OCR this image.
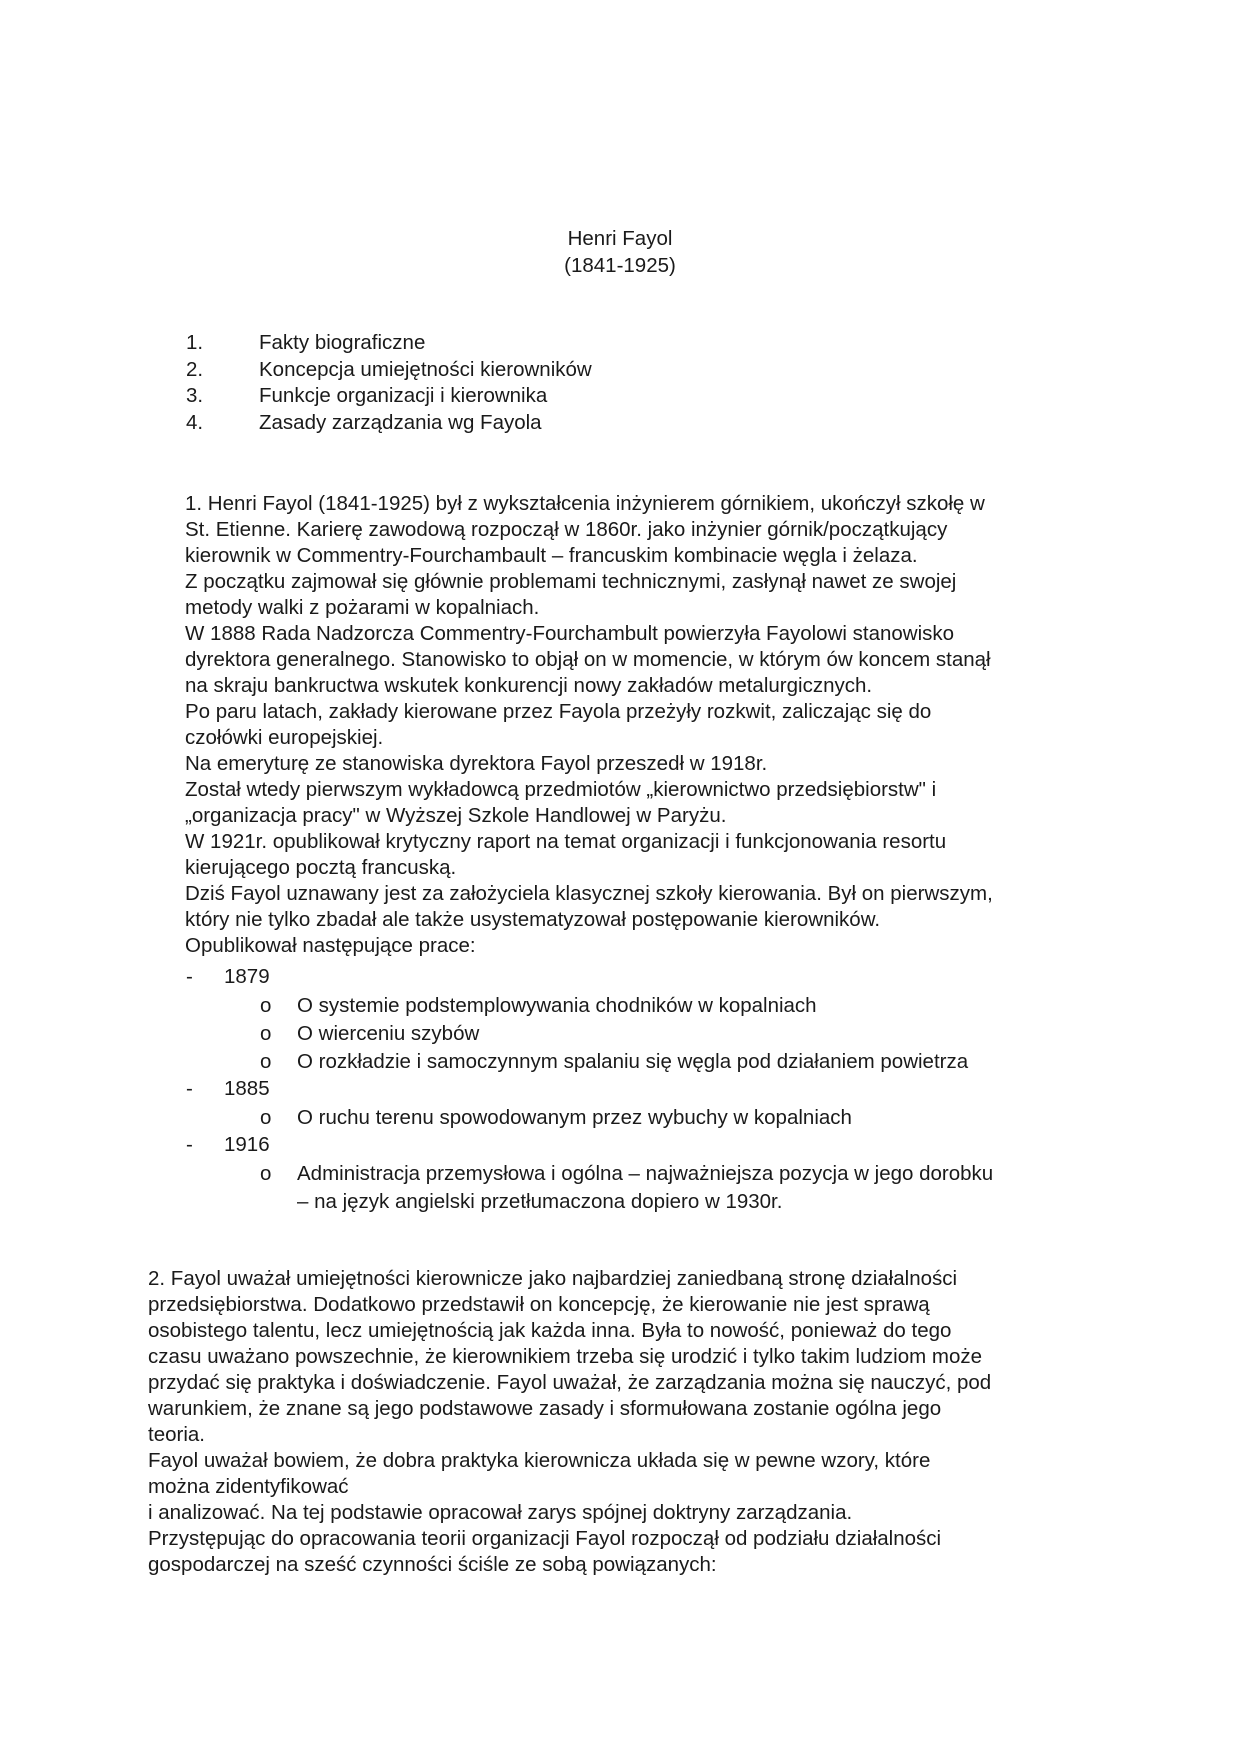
Henri Fayol
(1841-1925)
1.	Fakty biograficzne
2.	Koncepcja umiejętności kierowników
3.	Funkcje organizacji i kierownika
4.	Zasady zarządzania wg Fayola

1. Henri Fayol (1841-1925) był z wykształcenia inżynierem górnikiem, ukończył szkołę w

St. Etienne. Karierę zawodową rozpoczął w 1860r. jako inżynier górnik/początkujący

kierownik w Commentry-Fourchambault – francuskim kombinacie węgla i żelaza.

Z początku zajmował się głównie problemami technicznymi, zasłynął nawet ze swojej

metody walki z pożarami w kopalniach.

W 1888 Rada Nadzorcza Commentry-Fourchambult powierzyła Fayolowi stanowisko

dyrektora generalnego. Stanowisko to objął on w momencie, w którym ów koncem stanął

na skraju bankructwa wskutek konkurencji nowy zakładów metalurgicznych.

Po paru latach, zakłady kierowane przez Fayola przeżyły rozkwit, zaliczając się do

czołówki europejskiej.

Na emeryturę ze stanowiska dyrektora Fayol przeszedł w 1918r.

Został wtedy pierwszym wykładowcą przedmiotów „kierownictwo przedsiębiorstw" i

„organizacja pracy" w Wyższej Szkole Handlowej w Paryżu.

W 1921r. opublikował krytyczny raport na temat organizacji i funkcjonowania resortu

kierującego pocztą francuską.

Dziś Fayol uznawany jest za założyciela klasycznej szkoły kierowania. Był on pierwszym,

który nie tylko zbadał ale także usystematyzował postępowanie kierowników.

Opublikował następujące prace:

- 1879
o O systemie podstemplowywania chodników w kopalniach
o O wierceniu szybów
o O rozkładzie i samoczynnym spalaniu się węgla pod działaniem powietrza
- 1885
o O ruchu terenu spowodowanym przez wybuchy w kopalniach
- 1916
o Administracja przemysłowa i ogólna – najważniejsza pozycja w jego dorobku
– na język angielski przetłumaczona dopiero w 1930r.

2. Fayol uważał umiejętności kierownicze jako najbardziej zaniedbaną stronę działalności

przedsiębiorstwa. Dodatkowo przedstawił on koncepcję, że kierowanie nie jest sprawą

osobistego talentu, lecz umiejętnością jak każda inna. Była to nowość, ponieważ do tego

czasu uważano powszechnie, że kierownikiem trzeba się urodzić i tylko takim ludziom może

przydać się praktyka i doświadczenie. Fayol uważał, że zarządzania można się nauczyć, pod

warunkiem, że znane są jego podstawowe zasady i sformułowana zostanie ogólna jego

teoria.

Fayol uważał bowiem, że dobra praktyka kierownicza układa się w pewne wzory, które

można zidentyfikować

i analizować. Na tej podstawie opracował zarys spójnej doktryny zarządzania.

Przystępując do opracowania teorii organizacji Fayol rozpoczął od podziału działalności

gospodarczej na sześć czynności ściśle ze sobą powiązanych:
